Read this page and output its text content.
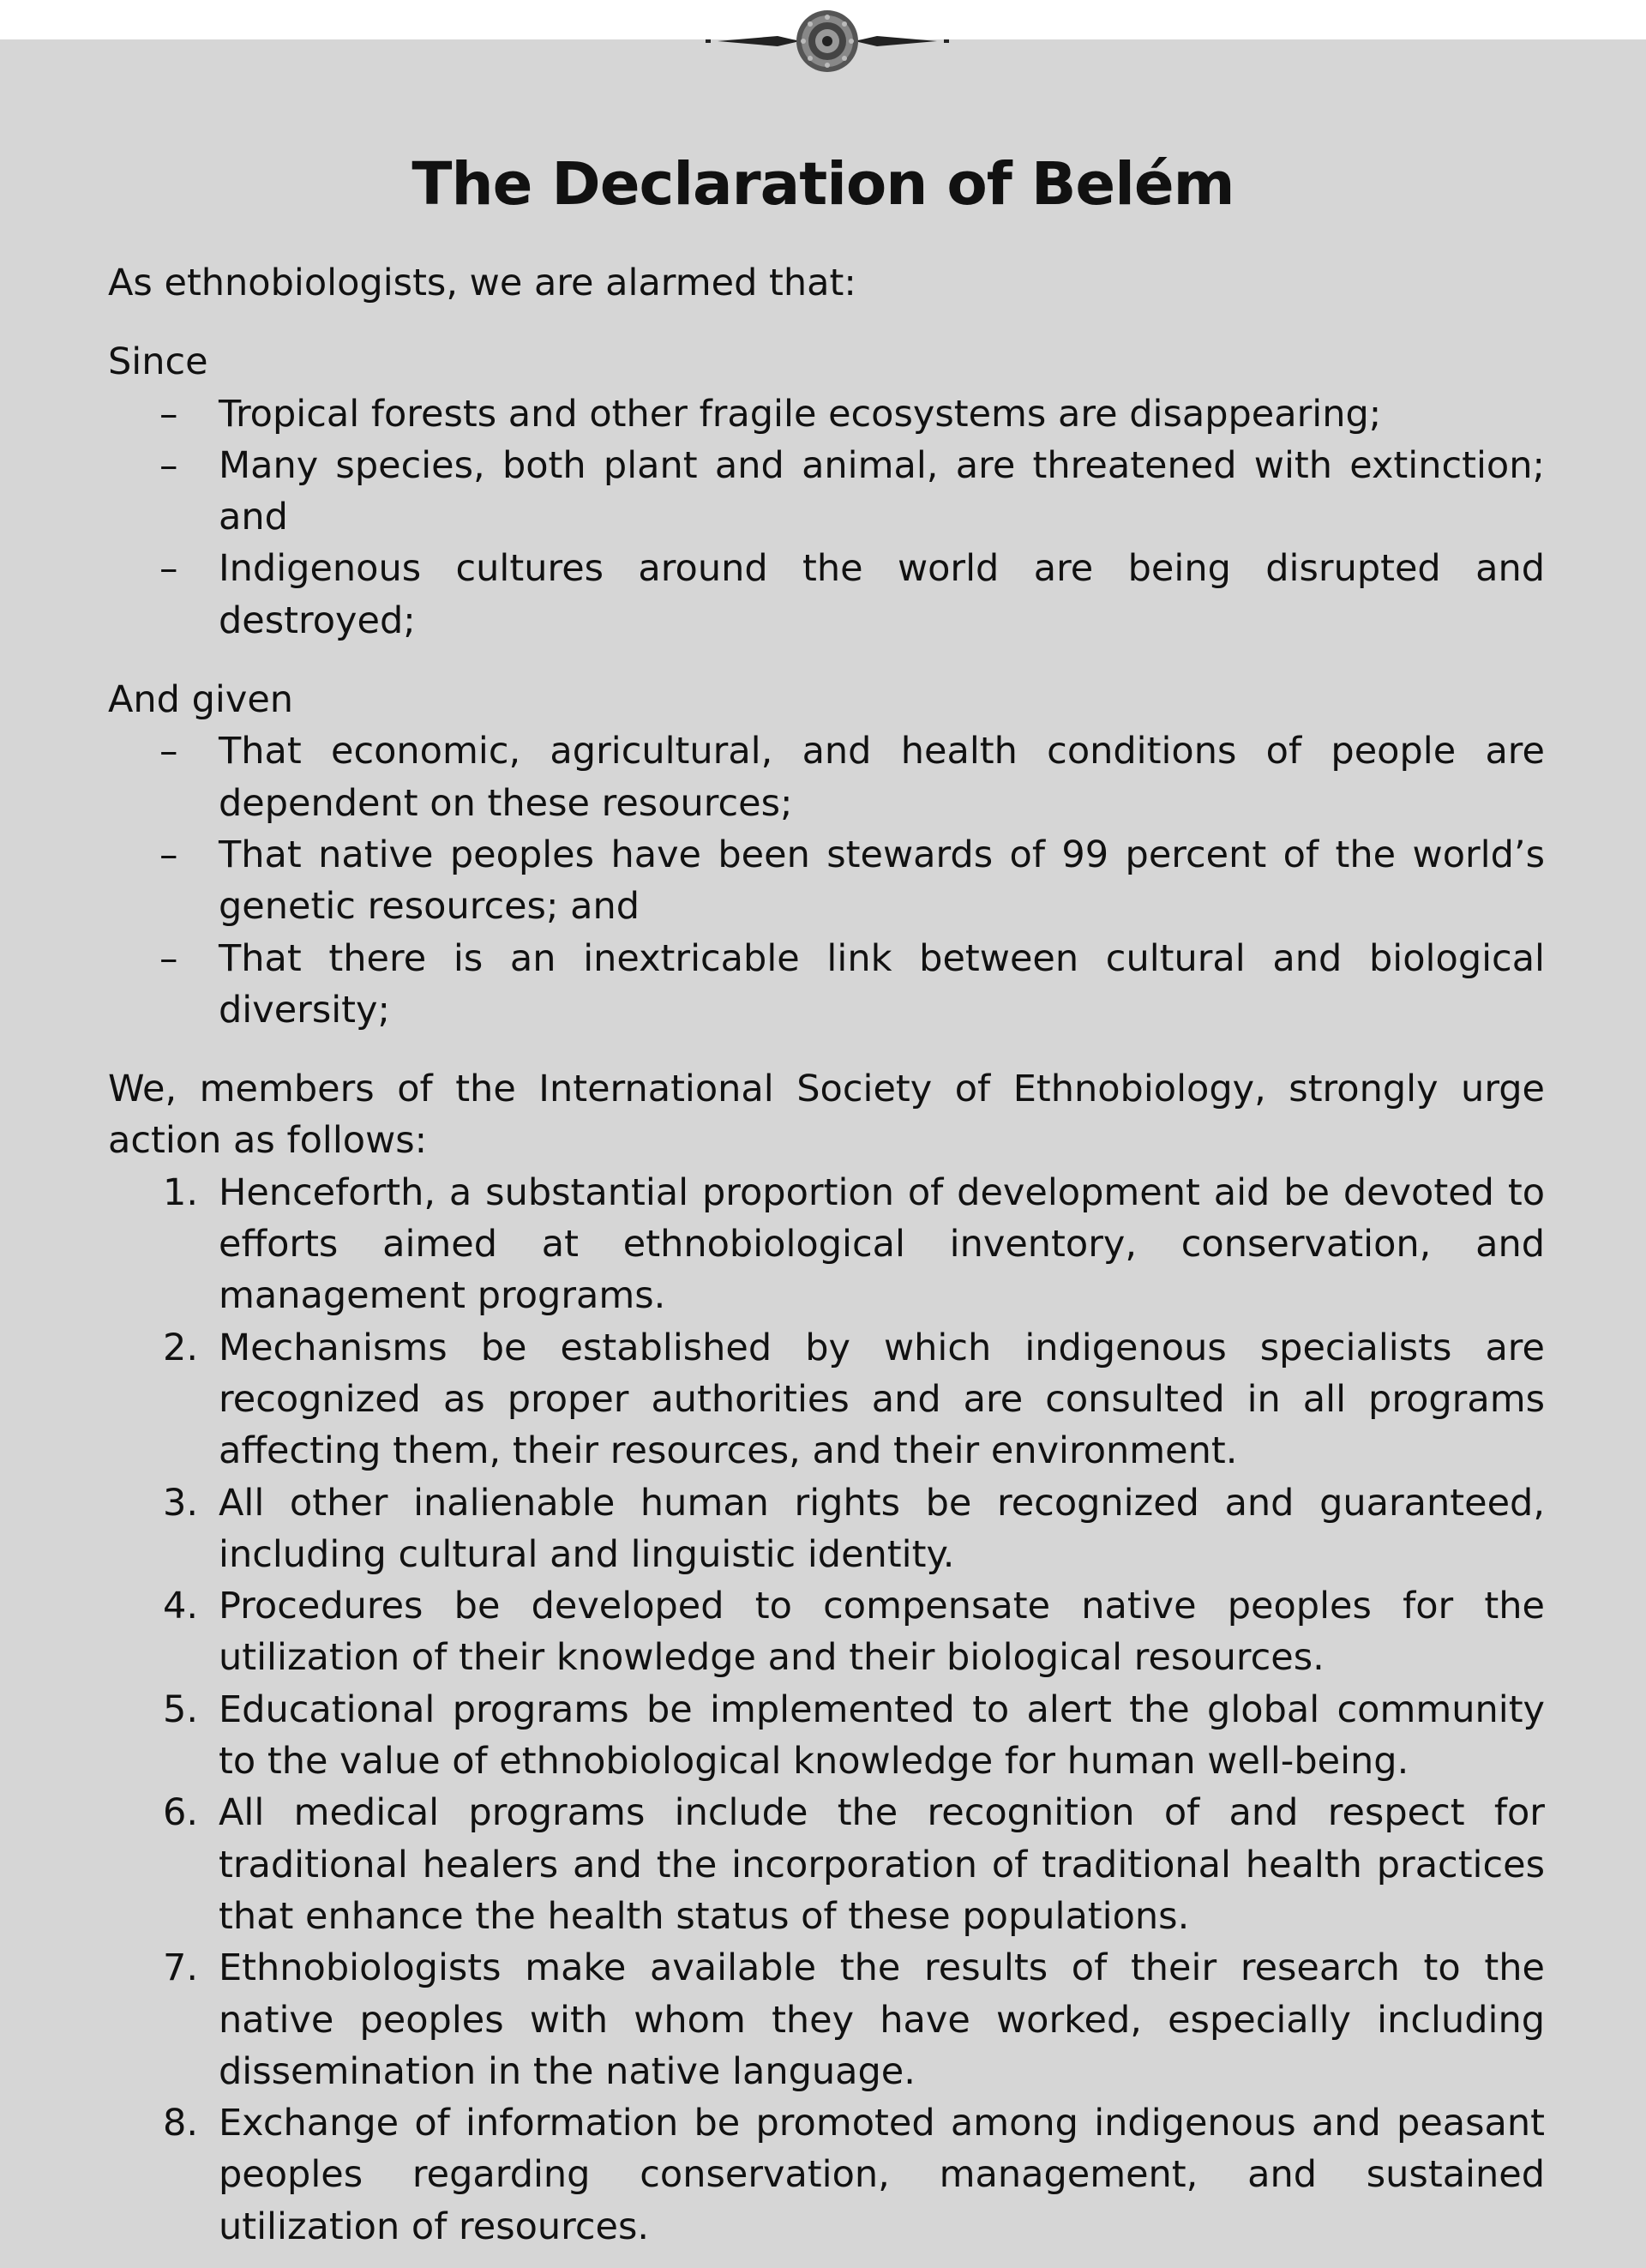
The Declaration of Belém

As ethnobiologists, we are alarmed that:

Since

–	Tropical forests and other fragile ecosystems are disappearing;
–	Many species, both plant and animal, are threatened with extinction; and
–	Indigenous cultures around the world are being disrupted and destroyed;

And given

–	That economic, agricultural, and health conditions of people are dependent on these resources;
–	That native peoples have been stewards of 99 percent of the world’s genetic resources; and
–	That there is an inextricable link between cultural and biological diversity;

We, members of the International Society of Ethnobiology, strongly urge action as follows:

1. Henceforth, a substantial proportion of development aid be devoted to efforts aimed at ethnobiological inventory, conservation, and management programs.
2. Mechanisms be established by which indigenous specialists are recognized as proper authorities and are consulted in all programs affecting them, their resources, and their environment.
3. All other inalienable human rights be recognized and guaranteed, including cultural and linguistic identity.
4. Procedures be developed to compensate native peoples for the utilization of their knowledge and their biological resources.
5. Educational programs be implemented to alert the global community to the value of ethnobiological knowledge for human well-being.
6. All medical programs include the recognition of and respect for traditional healers and the incorporation of traditional health practices that enhance the health status of these populations.
7. Ethnobiologists make available the results of their research to the native peoples with whom they have worked, especially including dissemination in the native language.
8. Exchange of information be promoted among indigenous and peasant peoples regarding conservation, management, and sustained utilization of resources.
